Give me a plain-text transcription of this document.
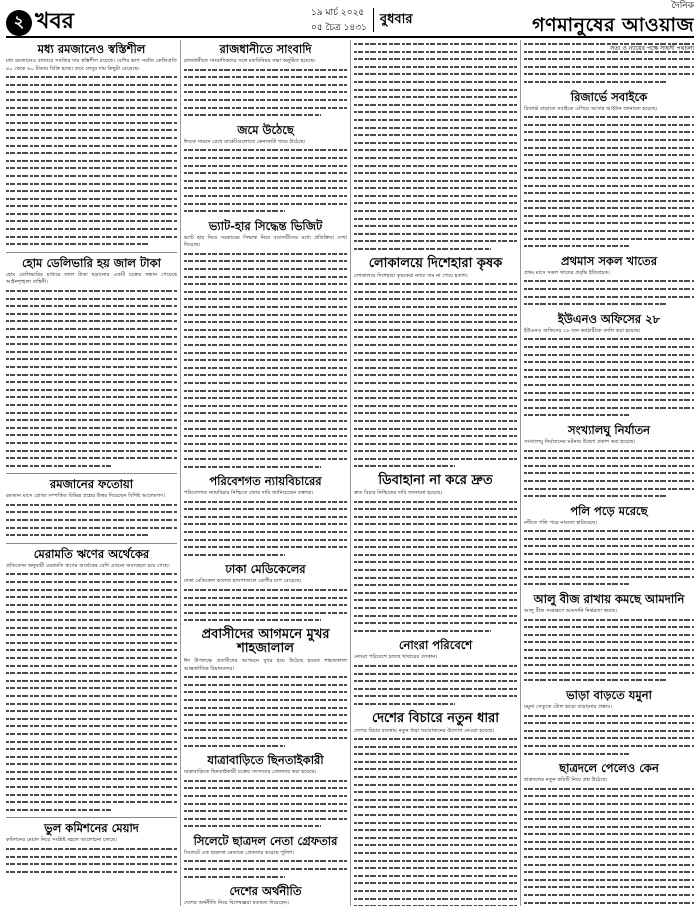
২ খবর	১৯ মার্চ ২০২৫
০৫ চৈত্র ১৪৩১
বুধবার
দৈনিক
গণমানুষের আওয়াজ
মধ্য রমজানেও স্বস্তিশীল
মধ্য রমজানেও বাজারে সবজির দাম স্বস্তিশীল রয়েছে। বেশির ভাগ সবজি কেজিপ্রতি ৪০ থেকে ৬০ টাকায় বিক্রি হচ্ছে। তবে লেবুর দাম কিছুটা বেড়েছে।
হোম ডেলিভারি হয় জাল টাকা
হোম ডেলিভারির মাধ্যমে জাল টাকা ছড়ানোর একটি চক্রের সন্ধান পেয়েছে আইনশৃঙ্খলা বাহিনী।
রমজানের ফতোয়া
রমজান মাসে রোজা সম্পর্কিত বিভিন্ন প্রশ্নের উত্তর দিয়েছেন বিশিষ্ট আলেমগণ।
মেরামতি ঋণের অর্থেকের
প্রতিবেদন অনুযায়ী মেরামতি ঋণের অর্থেকের বেশি এখনো অব্যবহৃত রয়ে গেছে।
ভুল কমিশনের মেয়াদ
কমিশনের মেয়াদ নিয়ে সংশ্লিষ্ট মহলে আলোচনা চলছে।
রাজধানীতে সাংবাদি
রাজধানীতে সাংবাদিকদের সঙ্গে মতবিনিময় সভা অনুষ্ঠিত হয়েছে।
জমে উঠেছে
ঈদকে সামনে রেখে মার্কেটগুলোতে কেনাকাটা জমে উঠেছে।
ভ্যাট-হার সিদ্ধেন্ত ভিজিট
ভ্যাট হার নিয়ে সরকারের সিদ্ধান্ত নিয়ে ব্যবসায়ীদের মধ্যে প্রতিক্রিয়া দেখা দিয়েছে।
পরিবেশগত ন্যায়বিচারের
পরিবেশগত ন্যায়বিচার নিশ্চিতে জোর দাবি জানিয়েছেন বক্তারা।
ঢাকা মেডিকেলের
ঢাকা মেডিকেল কলেজ হাসপাতালে রোগীর চাপ বেড়েছে।
প্রবাসীদের আগমনে মুখর শাহজালাল
ঈদ উপলক্ষে প্রবাসীদের আগমনে মুখর হয়ে উঠেছে হযরত শাহজালাল আন্তর্জাতিক বিমানবন্দর।
যাত্রাবাড়িতে ছিনতাইকারী
যাত্রাবাড়িতে ছিনতাইকারী চক্রের সদস্যদের গ্রেফতার করা হয়েছে।
সিলেটে ছাত্রদল নেতা গ্রেফতার
সিলেটে এক ছাত্রদল নেতাকে গ্রেফতার করেছে পুলিশ।
দেশের অর্থনীতি
দেশের অর্থনীতি নিয়ে বিশেষজ্ঞরা মতামত দিয়েছেন।
লোকালয়ে দিশেহারা কৃষক
লোকালয়ে দিশেহারা কৃষকেরা ন্যায্য দাম না পেয়ে হতাশ।
ডিবাহানা না করে দ্রুত
দ্রুত বিচার নিশ্চিতের দাবি জানানো হয়েছে।
নোংরা পরিবেশে
নোংরা পরিবেশে চলছে খাবারের দোকান।
দেশের বিচারে নতুন ধারা
দেশের বিচার ব্যবস্থায় নতুন ধারা সংযোজনের উদ্যোগ নেওয়া হয়েছে।
রিজার্ভে সবাইকে
রিজার্ভ বাড়াতে সবাইকে এগিয়ে আসার আহ্বান জানানো হয়েছে।
প্রথমাস সকল খাতের
প্রথম মাসে সকল খাতের প্রবৃদ্ধি ইতিবাচক।
ইউএনও অফিসের ২৮
ইউএনও অফিসের ২৮ জন কর্মচারীকে বদলি করা হয়েছে।
সংখ্যালঘু নির্যাতন
সংখ্যালঘু নির্যাতনের ঘটনায় উদ্বেগ প্রকাশ করা হয়েছে।
পলি পড়ে মরেছে
নদীতে পলি পড়ে নাব্যতা হারিয়েছে।
আলু বীজ রাখায় কমছে আমদানি
আলু বীজ সংরক্ষণে আমদানি নির্ভরতা কমছে।
ভাড়া বাড়তে যমুনা
যমুনা সেতুতে টোল ভাড়া বাড়ানোর প্রস্তাব।
ছাত্রদলে পেলেও কেন
ছাত্রদলের নতুন কমিটি নিয়ে প্রশ্ন উঠেছে।
